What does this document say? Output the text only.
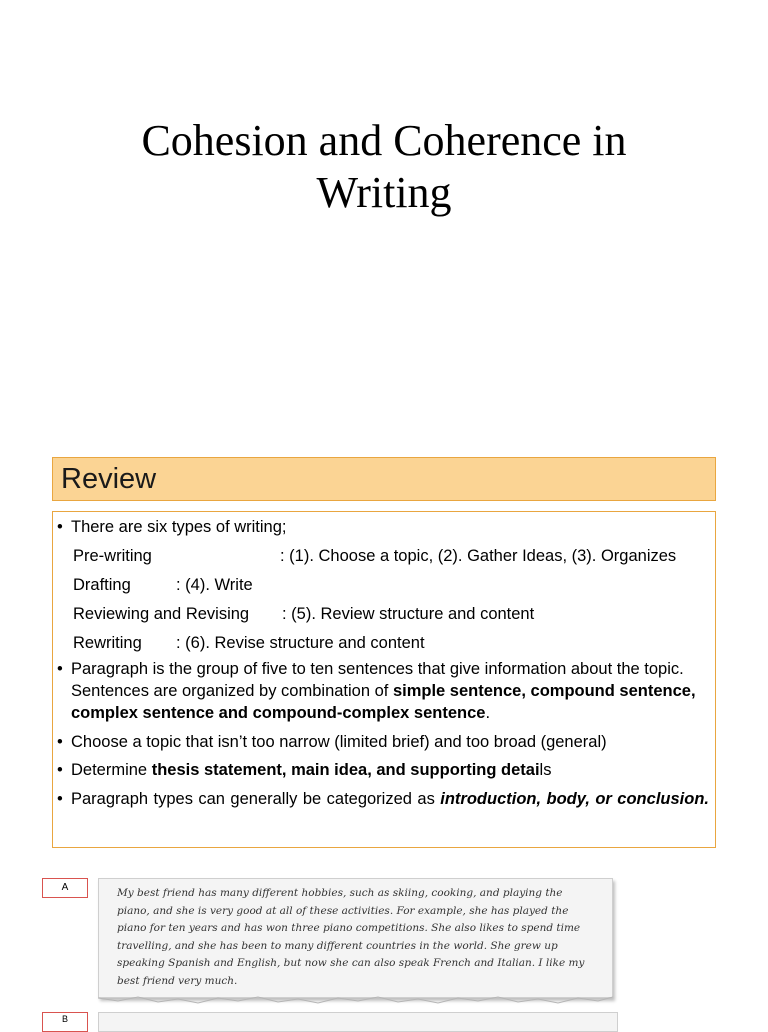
Cohesion and Coherence in
Writing
Review
• There are six types of writing;
Pre-writing	: (1). Choose a topic, (2). Gather Ideas, (3). Organizes
Drafting	: (4). Write
Reviewing and Revising : (5). Review structure and content
Rewriting : (6). Revise structure and content
• Paragraph is the group of five to ten sentences that give information about the topic. Sentences are organized by combination of simple sentence, compound sentence, complex sentence and compound-complex sentence.
• Choose a topic that isn’t too narrow (limited brief) and too broad (general)
• Determine thesis statement, main idea, and supporting details
• Paragraph types can generally be categorized as introduction, body, or conclusion.
A	My best friend has many different hobbies, such as skiing, cooking, and playing the piano, and she is very good at all of these activities. For example, she has played the piano for ten years and has won three piano competitions. She also likes to spend time travelling, and she has been to many different countries in the world. She grew up speaking Spanish and English, but now she can also speak French and Italian. I like my best friend very much.
B
